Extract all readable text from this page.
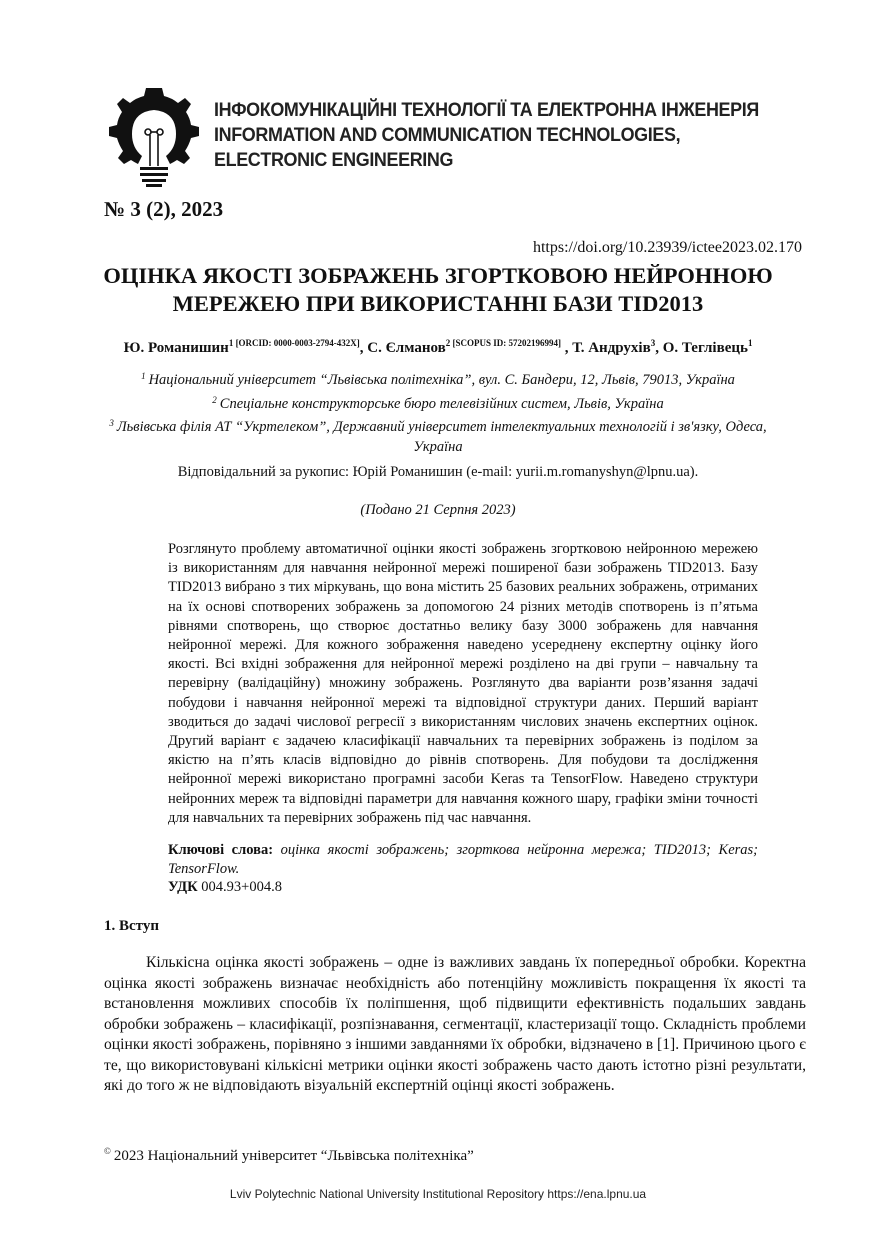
ІНФОКОМУНІКАЦІЙНІ ТЕХНОЛОГІЇ ТА ЕЛЕКТРОННА ІНЖЕНЕРІЯ
INFORMATION AND COMMUNICATION TECHNOLOGIES,
ELECTRONIC ENGINEERING
№ 3 (2), 2023
https://doi.org/10.23939/ictee2023.02.170
ОЦІНКА ЯКОСТІ ЗОБРАЖЕНЬ ЗГОРТКОВОЮ НЕЙРОННОЮ
МЕРЕЖЕЮ ПРИ ВИКОРИСТАННІ БАЗИ TID2013
Ю. Романишин$^{1 [ORCID: 0000-0003-2794-432X]}$, С. Єлманов$^{2 [SCOPUS ID: 57202196994]}$ , Т. Андрухів$^3$, О. Теглівець$^1$
$^1$ Національний університет “Львівська політехніка”, вул. С. Бандери, 12, Львів, 79013, Україна
$^2$ Спеціальне конструкторське бюро телевізійних систем, Львів, Україна
$^3$ Львівська філія АТ “Укртелеком”, Державний університет інтелектуальних технологій і зв'язку, Одеса, Україна
Відповідальний за рукопис: Юрій Романишин (e-mail: yurii.m.romanyshyn@lpnu.ua).
(Подано 21 Серпня 2023)
Розглянуто проблему автоматичної оцінки якості зображень згортковою нейронною мережею із використанням для навчання нейронної мережі поширеної бази зображень TID2013. Базу TID2013 вибрано з тих міркувань, що вона містить 25 базових реальних зображень, отриманих на їх основі спотворених зображень за допомогою 24 різних методів спотворень із п’ятьма рівнями спотворень, що створює достатньо велику базу 3000 зображень для навчання нейронної мережі. Для кожного зображення наведено усереднену експертну оцінку його якості. Всі вхідні зображення для нейронної мережі розділено на дві групи – навчальну та перевірну (валідаційну) множину зображень. Розглянуто два варіанти розв’язання задачі побудови і навчання нейронної мережі та відповідної структури даних. Перший варіант зводиться до задачі числової регресії з використанням числових значень експертних оцінок. Другий варіант є задачею класифікації навчальних та перевірних зображень із поділом за якістю на п’ять класів відповідно до рівнів спотворень. Для побудови та дослідження нейронної мережі використано програмні засоби Keras та TensorFlow. Наведено структури нейронних мереж та відповідні параметри для навчання кожного шару, графіки зміни точності для навчальних та перевірних зображень під час навчання.
Ключові слова: оцінка якості зображень; згорткова нейронна мережа; TID2013; Keras; TensorFlow.
УДК 004.93+004.8
1. Вступ
Кількісна оцінка якості зображень – одне із важливих завдань їх попередньої обробки. Коректна оцінка якості зображень визначає необхідність або потенційну можливість покращення їх якості та встановлення можливих способів їх поліпшення, щоб підвищити ефективність подальших завдань обробки зображень – класифікації, розпізнавання, сегментації, кластеризації тощо. Складність проблеми оцінки якості зображень, порівняно з іншими завданнями їх обробки, відзначено в [1]. Причиною цього є те, що використовувані кількісні метрики оцінки якості зображень часто дають істотно різні результати, які до того ж не відповідають візуальній експертній оцінці якості зображень.
© 2023 Національний університет “Львівська політехніка”
Lviv Polytechnic National University Institutional Repository https://ena.lpnu.ua
